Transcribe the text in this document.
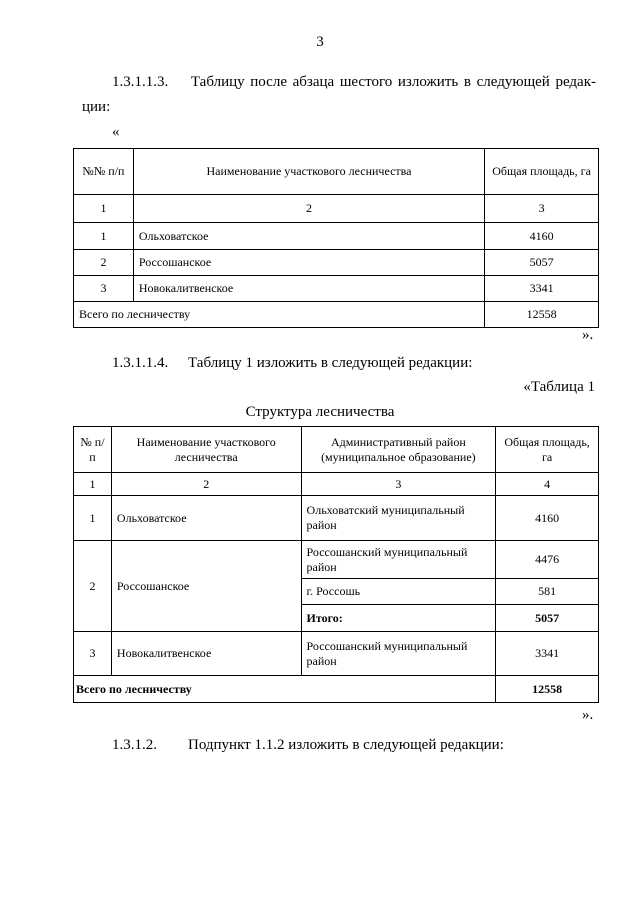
3
1.3.1.1.3. Таблицу после абзаца шестого изложить в следующей редак-
ции:
«
№№ п/п	Наименование участкового лесничества	Общая площадь, га
1	2	3
1	Ольховатское	4160
2	Россошанское	5057
3	Новокалитвенское	3341
Всего по лесничеству		12558
».
1.3.1.1.4. Таблицу 1 изложить в следующей редакции:
«Таблица 1
Структура лесничества
№ п/п	Наименование участкового лесничества	Административный район (муниципальное образование)	Общая площадь, га
1	2	3	4
1	Ольховатское	Ольховатский муниципальный район	4160
2	Россошанское	Россошанский муниципальный район	4476
		г. Россошь	581
		Итого:	5057
3	Новокалитвенское	Россошанский муниципальный район	3341
Всего по лесничеству			12558
».
1.3.1.2. Подпункт 1.1.2 изложить в следующей редакции:
